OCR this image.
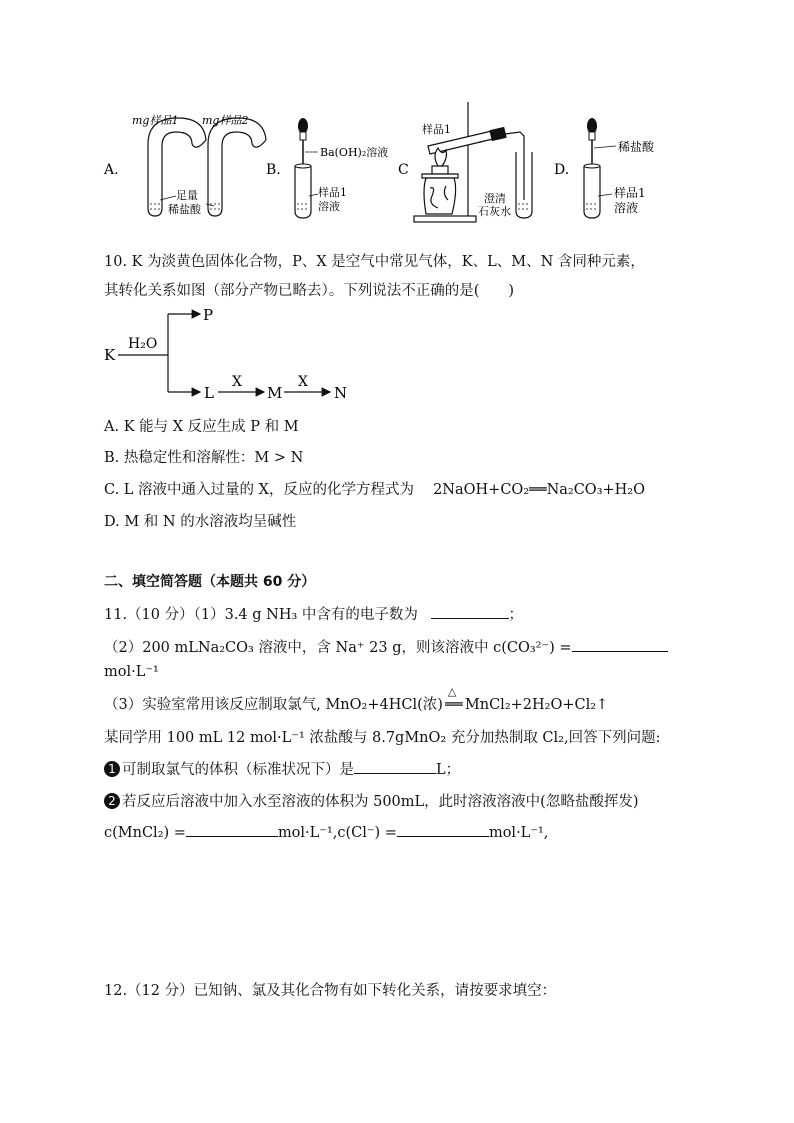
A.
mg样品1 mg样品2
足量
稀盐酸
B.
Ba(OH)₂溶液
样品1
溶液
C
样品1
澄清
石灰水
D.
稀盐酸
样品1
溶液
10. K 为淡黄色固体化合物，P、X 是空气中常见气体，K、L、M、N 含同种元素，
其转化关系如图（部分产物已略去）。下列说法不正确的是(　　)
K
H₂O
P
L
X
M
X
N
A. K 能与 X 反应生成 P 和 M
B. 热稳定性和溶解性：M > N
C. L 溶液中通入过量的 X，反应的化学方程式为　 2NaOH+CO₂══Na₂CO₃+H₂O
D. M 和 N 的水溶液均呈碱性
二、填空简答题（本题共 60 分）
11.（10 分）（1）3.4 g NH₃ 中含有的电子数为	；
（2）200 mLNa₂CO₃ 溶液中，含 Na⁺ 23 g，则该溶液中 c(CO₃²⁻) =
mol·L⁻¹
（3）实验室常用该反应制取氯气, MnO₂+4HCl(浓)
△
══ MnCl₂+2H₂O+Cl₂↑
某同学用 100 mL 12 mol·L⁻¹ 浓盐酸与 8.7gMnO₂ 充分加热制取 Cl₂,回答下列问题:
1 可制取氯气的体积（标准状况下）是	L；
2 若反应后溶液中加入水至溶液的体积为 500mL，此时溶液溶液中(忽略盐酸挥发)
c(MnCl₂) =	mol·L⁻¹,c(Cl⁻) =	mol·L⁻¹,
12.（12 分）已知钠、氯及其化合物有如下转化关系，请按要求填空：
